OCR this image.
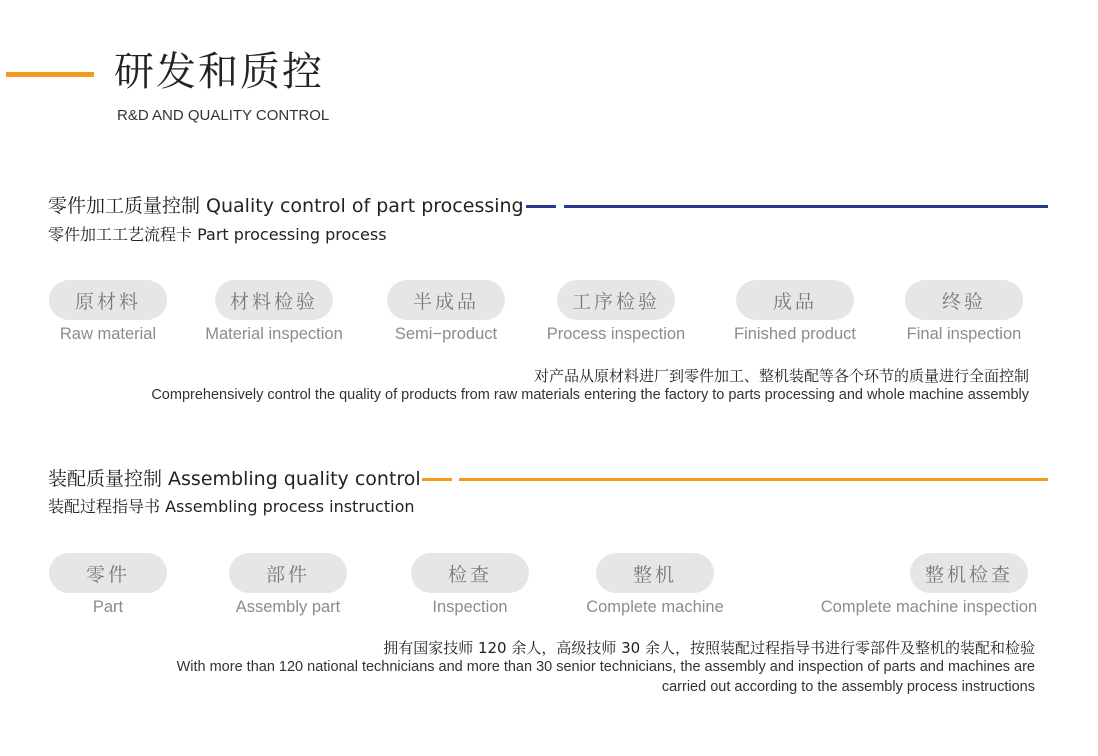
研发和质控
R&D AND QUALITY CONTROL
零件加工质量控制 Quality control of part processing
零件加工工艺流程卡 Part processing process
原材料
Raw material
材料检验
Material inspection
半成品
Semi−product
工序检验
Process inspection
成品
Finished product
终验
Final inspection
对产品从原材料进厂到零件加工、整机装配等各个环节的质量进行全面控制
Comprehensively control the quality of products from raw materials entering the factory to parts processing and whole machine assembly
装配质量控制 Assembling quality control
装配过程指导书 Assembling process instruction
零件
Part
部件
Assembly part
检查
Inspection
整机
Complete machine
整机检查
Complete machine inspection
拥有国家技师 120 余人，高级技师 30 余人，按照装配过程指导书进行零部件及整机的装配和检验
With more than 120 national technicians and more than 30 senior technicians, the assembly and inspection of parts and machines are
carried out according to the assembly process instructions
